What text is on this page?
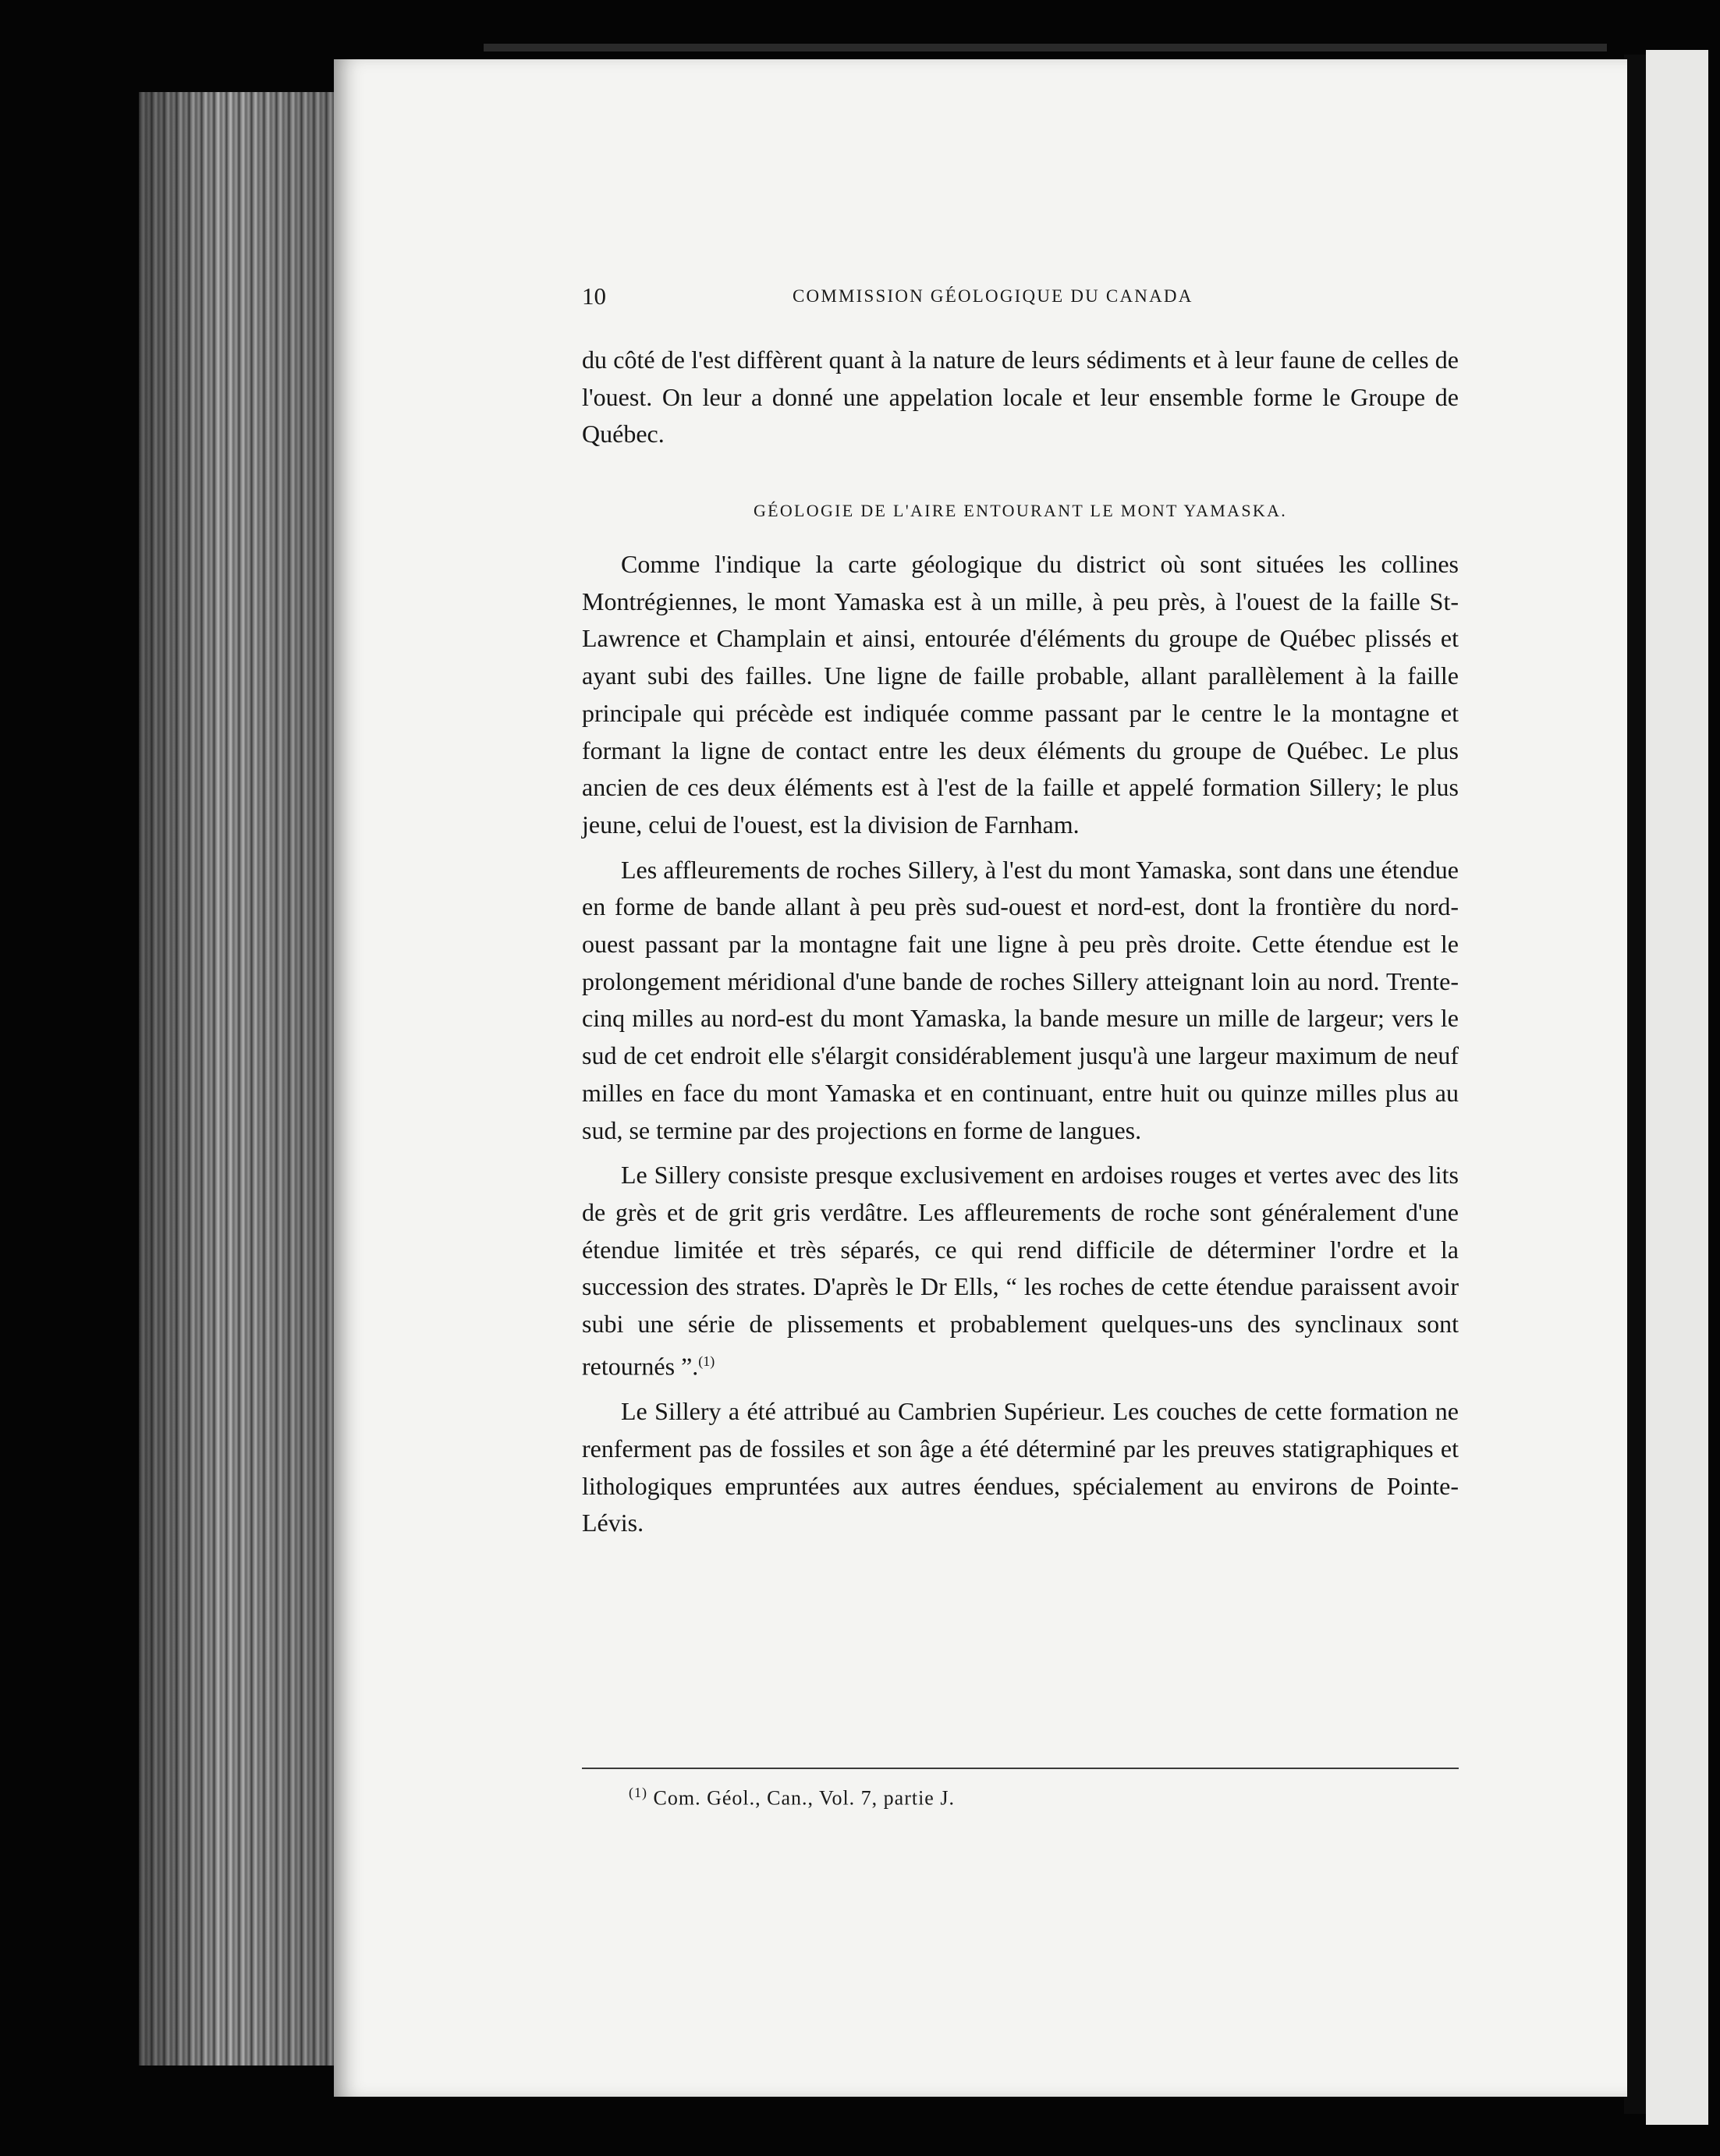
10	COMMISSION GÉOLOGIQUE DU CANADA

du côté de l'est diffèrent quant à la nature de leurs sédiments et à leur faune de celles de l'ouest. On leur a donné une appelation locale et leur ensemble forme le Groupe de Québec.

GÉOLOGIE DE L'AIRE ENTOURANT LE MONT YAMASKA.

Comme l'indique la carte géologique du district où sont situées les collines Montrégiennes, le mont Yamaska est à un mille, à peu près, à l'ouest de la faille St-Lawrence et Champlain et ainsi, entourée d'éléments du groupe de Québec plissés et ayant subi des failles. Une ligne de faille probable, allant parallèlement à la faille principale qui précède est indiquée comme passant par le centre le la montagne et formant la ligne de contact entre les deux éléments du groupe de Québec. Le plus ancien de ces deux éléments est à l'est de la faille et appelé formation Sillery; le plus jeune, celui de l'ouest, est la division de Farnham.

Les affleurements de roches Sillery, à l'est du mont Yamaska, sont dans une étendue en forme de bande allant à peu près sud-ouest et nord-est, dont la frontière du nord-ouest passant par la montagne fait une ligne à peu près droite. Cette étendue est le prolongement méridional d'une bande de roches Sillery atteignant loin au nord. Trente-cinq milles au nord-est du mont Yamaska, la bande mesure un mille de largeur; vers le sud de cet endroit elle s'élargit considérablement jusqu'à une largeur maximum de neuf milles en face du mont Yamaska et en continuant, entre huit ou quinze milles plus au sud, se termine par des projections en forme de langues.

Le Sillery consiste presque exclusivement en ardoises rouges et vertes avec des lits de grès et de grit gris verdâtre. Les affleurements de roche sont généralement d'une étendue limitée et très séparés, ce qui rend difficile de déterminer l'ordre et la succession des strates. D'après le Dr Ells, “ les roches de cette étendue paraissent avoir subi une série de plissements et probablement quelques-uns des synclinaux sont retournés ”.$^{(1)}$

Le Sillery a été attribué au Cambrien Supérieur. Les couches de cette formation ne renferment pas de fossiles et son âge a été déterminé par les preuves statigraphiques et lithologiques empruntées aux autres éendues, spécialement au environs de Pointe-Lévis.

$^{(1)}$ Com. Géol., Can., Vol. 7, partie J.
